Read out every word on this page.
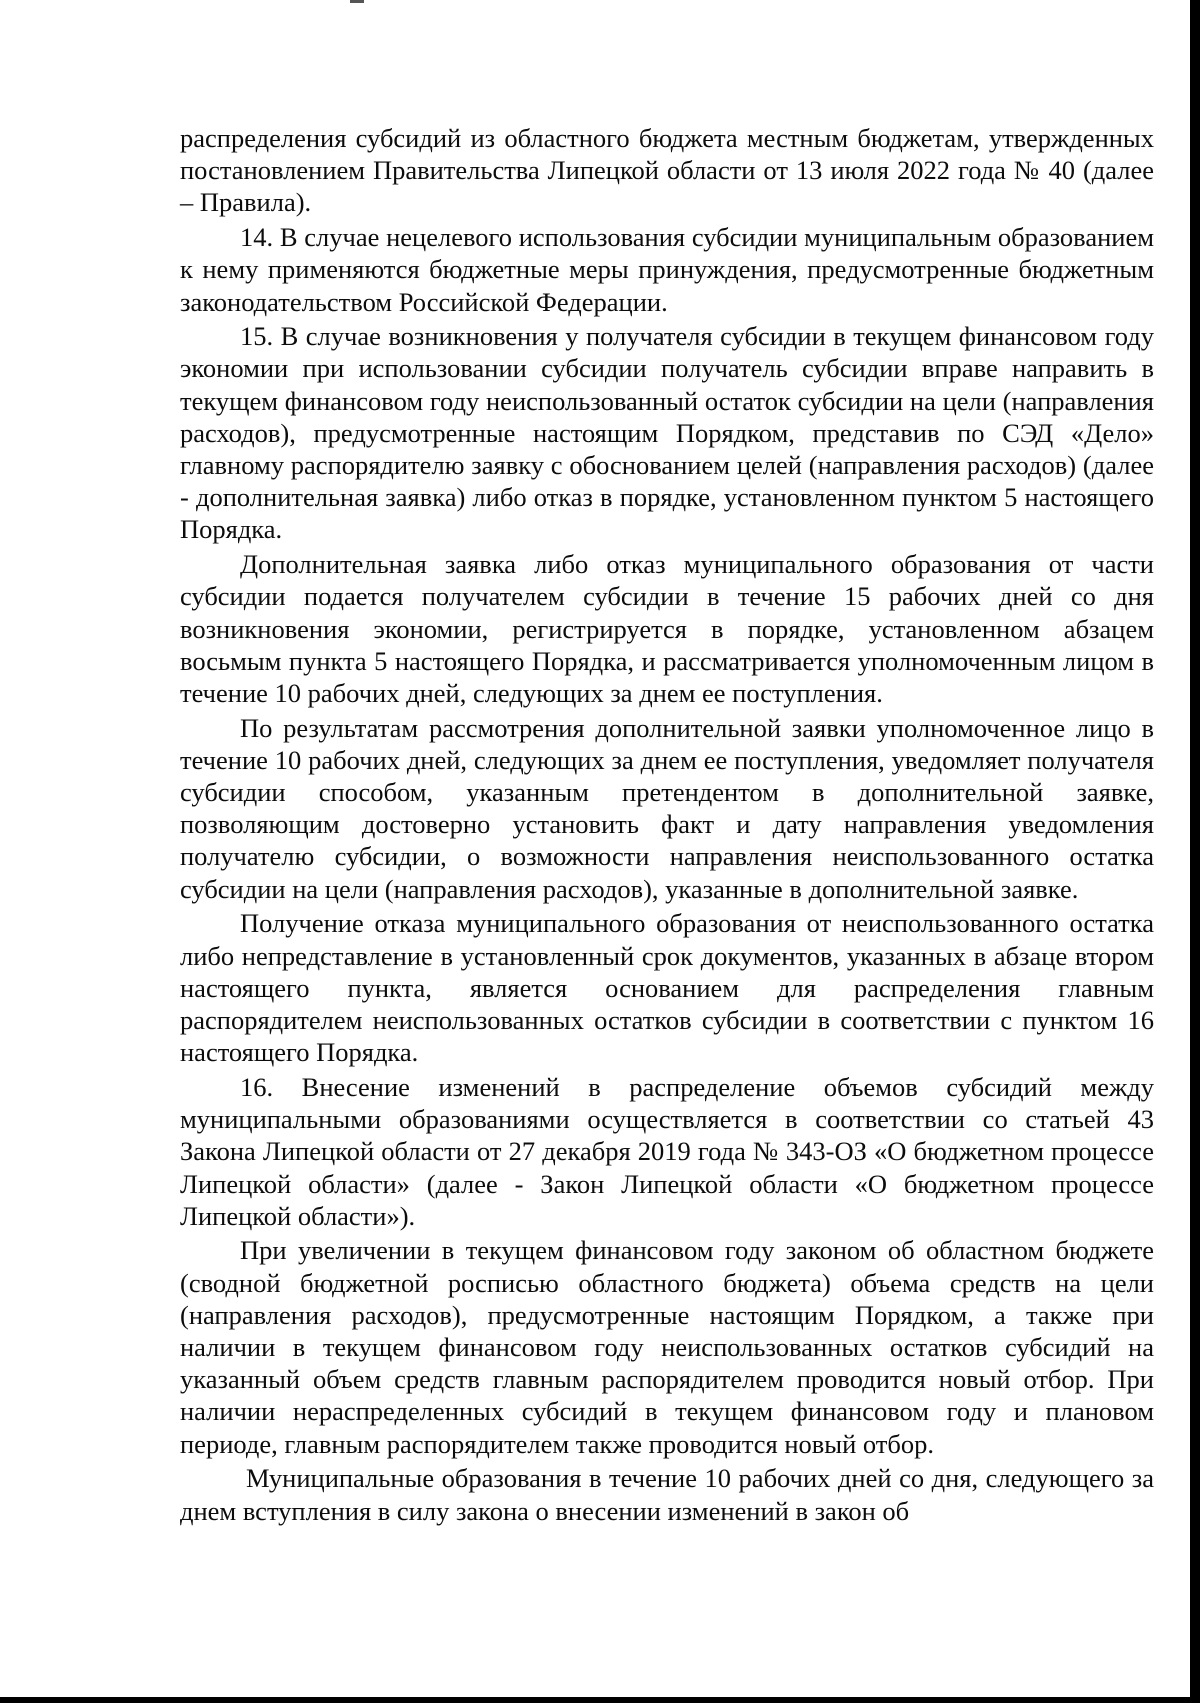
распределения субсидий из областного бюджета местным бюджетам, утвержденных постановлением Правительства Липецкой области от 13 июля 2022 года № 40 (далее – Правила).

14. В случае нецелевого использования субсидии муниципальным образованием к нему применяются бюджетные меры принуждения, предусмотренные бюджетным законодательством Российской Федерации.

15. В случае возникновения у получателя субсидии в текущем финансовом году экономии при использовании субсидии получатель субсидии вправе направить в текущем финансовом году неиспользованный остаток субсидии на цели (направления расходов), предусмотренные настоящим Порядком, представив по СЭД «Дело» главному распорядителю заявку с обоснованием целей (направления расходов) (далее - дополнительная заявка) либо отказ в порядке, установленном пунктом 5 настоящего Порядка.

Дополнительная заявка либо отказ муниципального образования от части субсидии подается получателем субсидии в течение 15 рабочих дней со дня возникновения экономии, регистрируется в порядке, установленном абзацем восьмым пункта 5 настоящего Порядка, и рассматривается уполномоченным лицом в течение 10 рабочих дней, следующих за днем ее поступления.

По результатам рассмотрения дополнительной заявки уполномоченное лицо в течение 10 рабочих дней, следующих за днем ее поступления, уведомляет получателя субсидии способом, указанным претендентом в дополнительной заявке, позволяющим достоверно установить факт и дату направления уведомления получателю субсидии, о возможности направления неиспользованного остатка субсидии на цели (направления расходов), указанные в дополнительной заявке.

Получение отказа муниципального образования от неиспользованного остатка либо непредставление в установленный срок документов, указанных в абзаце втором настоящего пункта, является основанием для распределения главным распорядителем неиспользованных остатков субсидии в соответствии с пунктом 16 настоящего Порядка.

16. Внесение изменений в распределение объемов субсидий между муниципальными образованиями осуществляется в соответствии со статьей 43 Закона Липецкой области от 27 декабря 2019 года № 343-ОЗ «О бюджетном процессе Липецкой области» (далее - Закон Липецкой области «О бюджетном процессе Липецкой области»).

При увеличении в текущем финансовом году законом об областном бюджете (сводной бюджетной росписью областного бюджета) объема средств на цели (направления расходов), предусмотренные настоящим Порядком, а также при наличии в текущем финансовом году неиспользованных остатков субсидий на указанный объем средств главным распорядителем проводится новый отбор. При наличии нераспределенных субсидий в текущем финансовом году и плановом периоде, главным распорядителем также проводится новый отбор.

Муниципальные образования в течение 10 рабочих дней со дня, следующего за днем вступления в силу закона о внесении изменений в закон об
